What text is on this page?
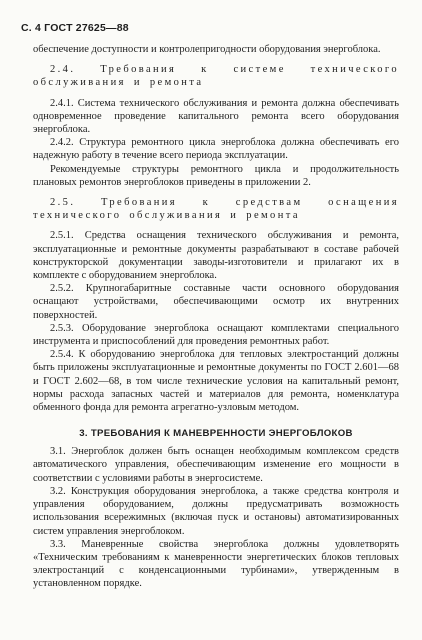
С. 4 ГОСТ 27625—88

обеспечение доступности и контролепригодности оборудования энергоблока.

2.4. Требования к системе технического обслуживания и ремонта

2.4.1. Система технического обслуживания и ремонта должна обеспечивать одновременное проведение капитального ремонта всего оборудования энергоблока.

2.4.2. Структура ремонтного цикла энергоблока должна обеспечивать его надежную работу в течение всего периода эксплуатации.

Рекомендуемые структуры ремонтного цикла и продолжительность плановых ремонтов энергоблоков приведены в приложении 2.

2.5. Требования к средствам оснащения технического обслуживания и ремонта

2.5.1. Средства оснащения технического обслуживания и ремонта, эксплуатационные и ремонтные документы разрабатывают в составе рабочей конструкторской документации заводы-изготовители и прилагают их в комплекте с оборудованием энергоблока.

2.5.2. Крупногабаритные составные части основного оборудования оснащают устройствами, обеспечивающими осмотр их внутренних поверхностей.

2.5.3. Оборудование энергоблока оснащают комплектами специального инструмента и приспособлений для проведения ремонтных работ.

2.5.4. К оборудованию энергоблока для тепловых электростанций должны быть приложены эксплуатационные и ремонтные документы по ГОСТ 2.601—68 и ГОСТ 2.602—68, в том числе технические условия на капитальный ремонт, нормы расхода запасных частей и материалов для ремонта, номенклатура обменного фонда для ремонта агрегатно-узловым методом.

3. ТРЕБОВАНИЯ К МАНЕВРЕННОСТИ ЭНЕРГОБЛОКОВ

3.1. Энергоблок должен быть оснащен необходимым комплексом средств автоматического управления, обеспечивающим изменение его мощности в соответствии с условиями работы в энергосистеме.

3.2. Конструкция оборудования энергоблока, а также средства контроля и управления оборудованием, должны предусматривать возможность использования всережимных (включая пуск и остановы) автоматизированных систем управления энергоблоком.

3.3. Маневренные свойства энергоблока должны удовлетворять «Техническим требованиям к маневренности энергетических блоков тепловых электростанций с конденсационными турбинами», утвержденным в установленном порядке.
